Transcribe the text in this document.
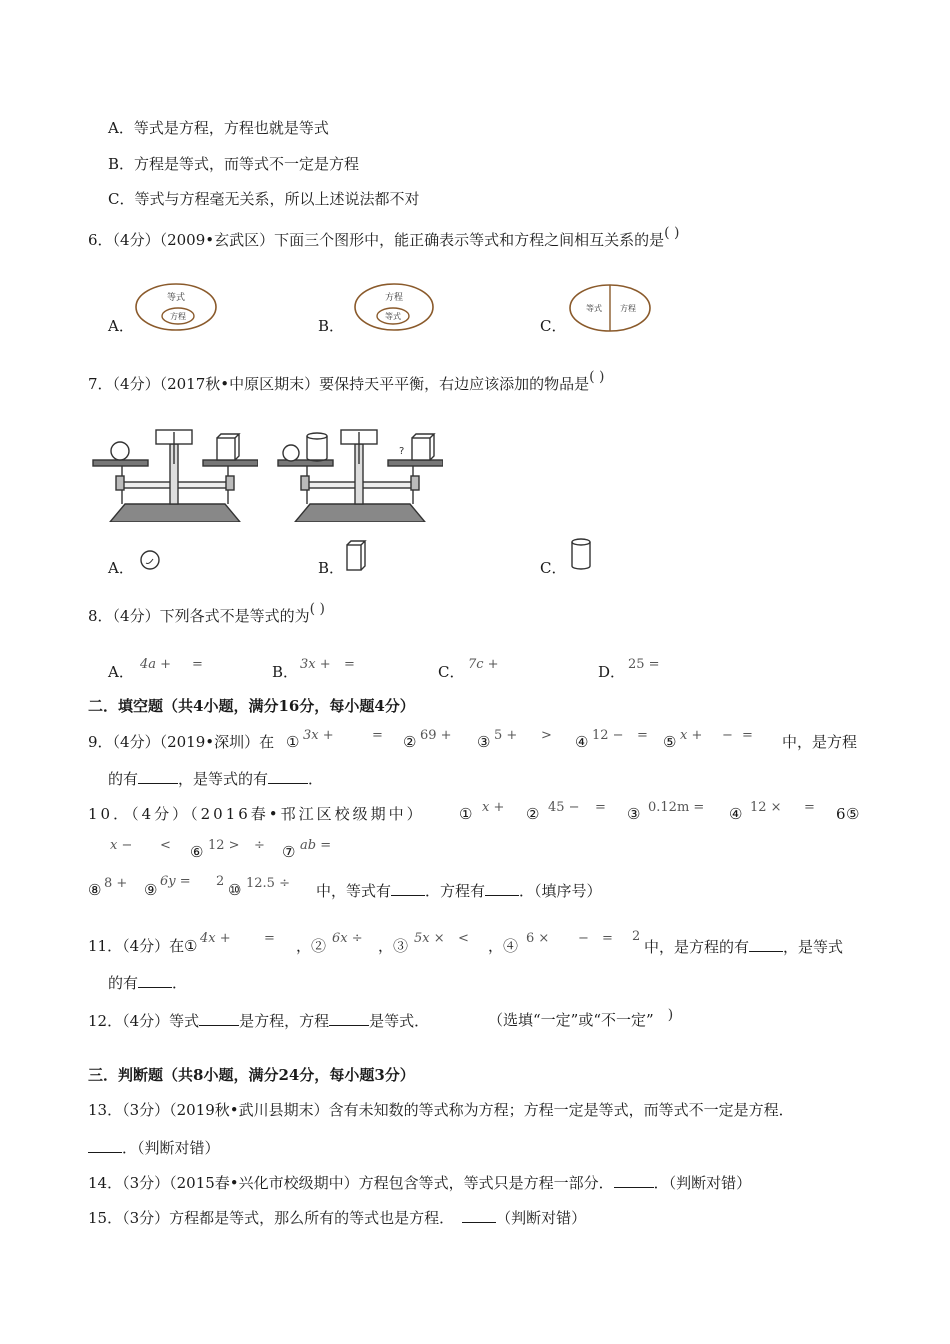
A．等式是方程，方程也就是等式
B．方程是等式，而等式不一定是方程
C．等式与方程毫无关系，所以上述说法都不对
6．（4分）（2009•玄武区）下面三个图形中，能正确表示等式和方程之间相互关系的是( )
A．
等式
方程
B．
方程
等式
C．
等式 方程
7．（4分）（2017秋•中原区期末）要保持天平平衡，右边应该添加的物品是( )
?
A．	B．	C．
8．（4分）下列各式不是等式的为( )
A． 4a + =	B． 3x + =	C． 7c +	D． 25 =
二．填空题（共4小题，满分16分，每小题4分）
9．（4分）（2019•深圳）在 ① 3x +	= ② 69 + ③ 5 + > ④ 12 − = ⑤ x + − = 中，是方程
的有	，是等式的有	．
10．（4分）（2016春•邗江区校级期中） ① x + ② 45 − = ③ 0.12m = ④ 12 × = 6 ⑤
x − < ⑥ 12 > ÷ ⑦ ab =
⑧ 8 + ⑨ 6y = 2 ⑩ 12.5 ÷ 中，等式有 ．方程有 ．（填序号）
11．（4分）在 ① 4x +	= ，② 6x ÷ ，③ 5x × < ，④ 6 × − = 2
中，是方程的有 ，是等式
的有 ．
12．（4分）等式	是方程，方程	是等式．	（选填“一定”或“不一定” )
三．判断题（共8小题，满分24分，每小题3分）
13．（3分）（2019秋•武川县期末）含有未知数的等式称为方程；方程一定是等式，而等式不一定是方程．
．（判断对错）
14．（3分）（2015春•兴化市校级期中）方程包含等式，等式只是方程一部分．	．（判断对错）
15．（3分）方程都是等式，那么所有的等式也是方程．	（判断对错）
